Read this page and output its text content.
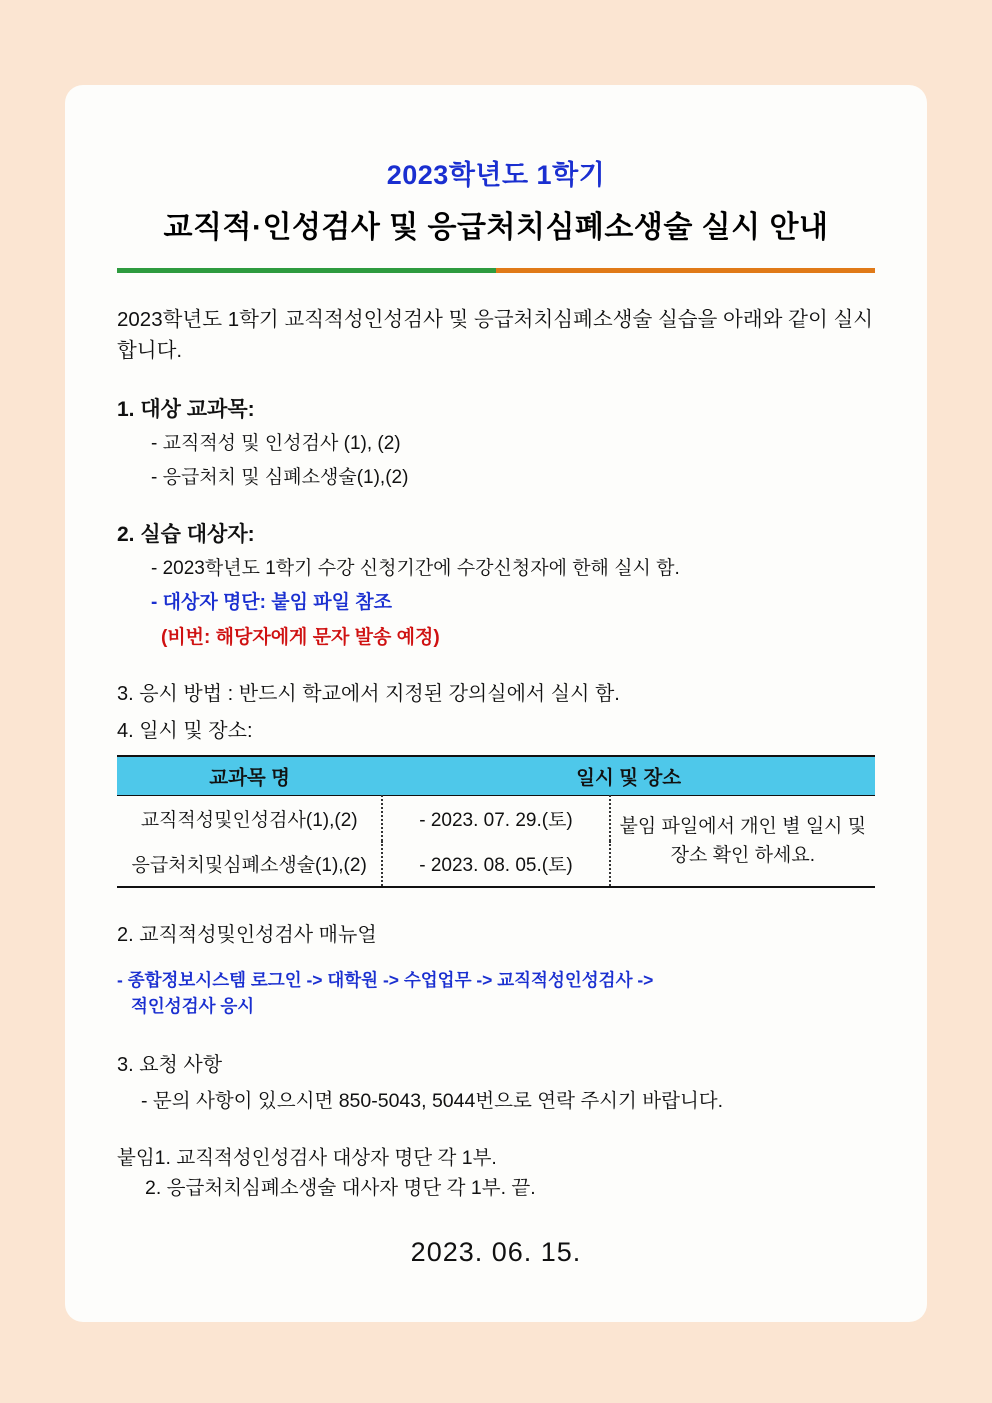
2023학년도 1학기
교직적·인성검사 및 응급처치심폐소생술 실시 안내
2023학년도 1학기 교직적성인성검사 및 응급처치심폐소생술 실습을 아래와 같이 실시 합니다.
1. 대상 교과목:
- 교직적성 및 인성검사 (1), (2)
- 응급처치 및 심폐소생술(1),(2)
2. 실습 대상자:
- 2023학년도 1학기 수강 신청기간에 수강신청자에 한해 실시 함.
- 대상자 명단: 붙임 파일 참조
(비번: 해당자에게 문자 발송 예정)
3. 응시 방법 : 반드시 학교에서 지정된 강의실에서 실시 함.
4. 일시 및 장소:
교과목 명	일시 및 장소	
교직적성및인성검사(1),(2)	- 2023. 07. 29.(토)	붙임 파일에서 개인 별 일시 및 장소 확인 하세요.
응급처치및심폐소생술(1),(2)	- 2023. 08. 05.(토)	
2. 교직적성및인성검사 매뉴얼
- 종합정보시스템 로그인 -> 대학원 -> 수업업무 -> 교직적성인성검사 ->
적인성검사 응시
3. 요청 사항
- 문의 사항이 있으시면 850-5043, 5044번으로 연락 주시기 바랍니다.
붙임1. 교직적성인성검사 대상자 명단 각 1부.
2. 응급처치심폐소생술 대사자 명단 각 1부. 끝.
2023. 06. 15.
